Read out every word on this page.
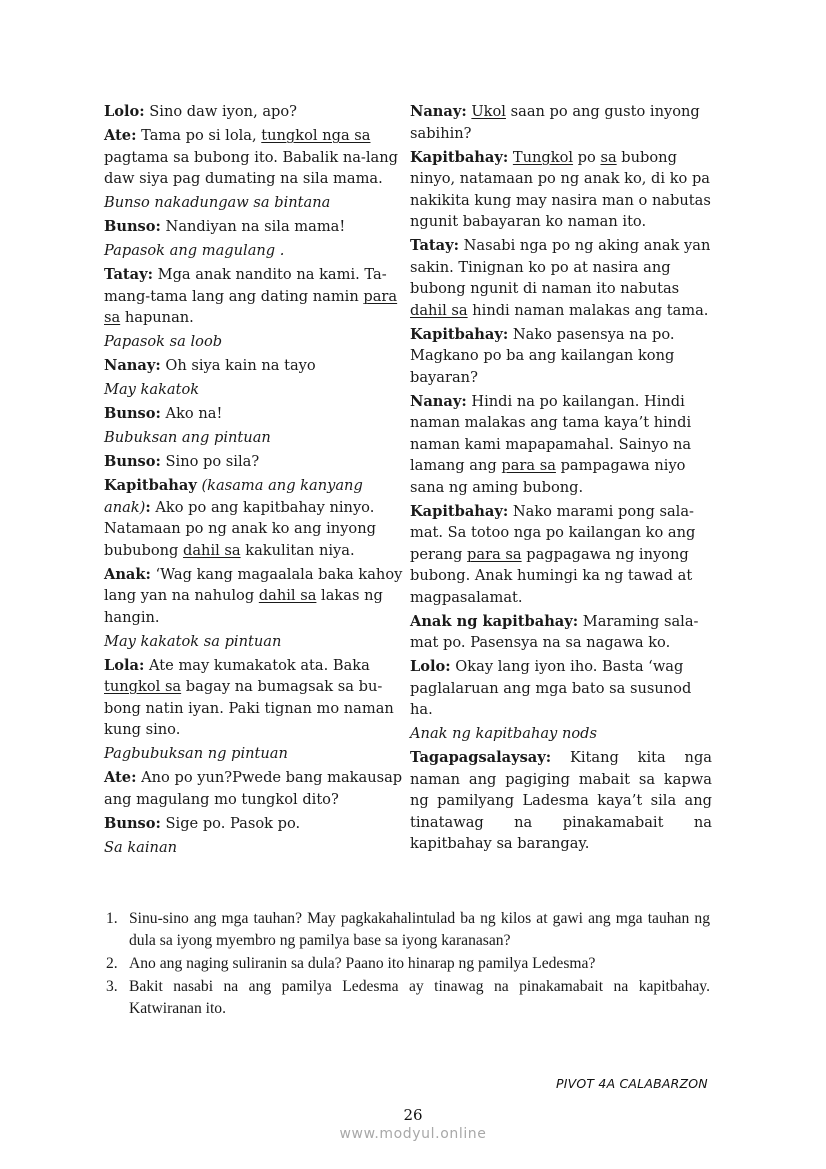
Lolo: Sino daw iyon, apo?
Ate: Tama po si lola, tungkol nga sa pagtama sa bubong ito. Babalik na-lang daw siya pag dumating na sila mama.
Bunso nakadungaw sa bintana
Bunso: Nandiyan na sila mama!
Papasok ang magulang .
Tatay: Mga anak nandito na kami. Ta-mang-tama lang ang dating namin para sa hapunan.
Papasok sa loob
Nanay: Oh siya kain na tayo
May kakatok
Bunso: Ako na!
Bubuksan ang pintuan
Bunso: Sino po sila?
Kapitbahay (kasama ang kanyang anak): Ako po ang kapitbahay ninyo. Natamaan po ng anak ko ang inyong bububong dahil sa kakulitan niya.
Anak: ‘Wag kang magaalala baka kahoy lang yan na nahulog dahil sa lakas ng hangin.
May kakatok sa pintuan
Lola: Ate may kumakatok ata. Baka tungkol sa bagay na bumagsak sa bu-bong natin iyan. Paki tignan mo naman kung sino.
Pagbubuksan ng pintuan
Ate: Ano po yun?Pwede bang makausap ang magulang mo tungkol dito?
Bunso: Sige po. Pasok po.
Sa kainan
Nanay: Ukol saan po ang gusto inyong sabihin?
Kapitbahay: Tungkol po sa bubong ninyo, natamaan po ng anak ko, di ko pa nakikita kung may nasira man o nabutas ngunit babayaran ko naman ito.
Tatay: Nasabi nga po ng aking anak yan sakin. Tinignan ko po at nasira ang bubong ngunit di naman ito nabutas dahil sa hindi naman malakas ang tama.
Kapitbahay: Nako pasensya na po. Magkano po ba ang kailangan kong bayaran?
Nanay: Hindi na po kailangan. Hindi naman malakas ang tama kaya’t hindi naman kami mapapamahal. Sainyo na lamang ang para sa pampagawa niyo sana ng aming bubong.
Kapitbahay: Nako marami pong sala-mat. Sa totoo nga po kailangan ko ang perang para sa pagpagawa ng inyong bubong. Anak humingi ka ng tawad at magpasalamat.
Anak ng kapitbahay: Maraming sala-mat po. Pasensya na sa nagawa ko.
Lolo: Okay lang iyon iho. Basta ‘wag paglalaruan ang mga bato sa susunod ha.
Anak ng kapitbahay nods
Tagapagsalaysay: Kitang kita nga naman ang pagiging mabait sa kapwa ng pamilyang Ladesma kaya’t sila ang tinatawag na pinakamabait na kapitbahay sa barangay.
1. Sinu-sino ang mga tauhan? May pagkakahalintulad ba ng kilos at gawi ang mga tauhan ng dula sa iyong myembro ng pamilya base sa iyong karanasan?
2. Ano ang naging suliranin sa dula? Paano ito hinarap ng pamilya Ledesma?
3. Bakit nasabi na ang pamilya Ledesma ay tinawag na pinakamabait na kapitbahay. Katwiranan ito.
PIVOT 4A CALABARZON
26
www.modyul.online
